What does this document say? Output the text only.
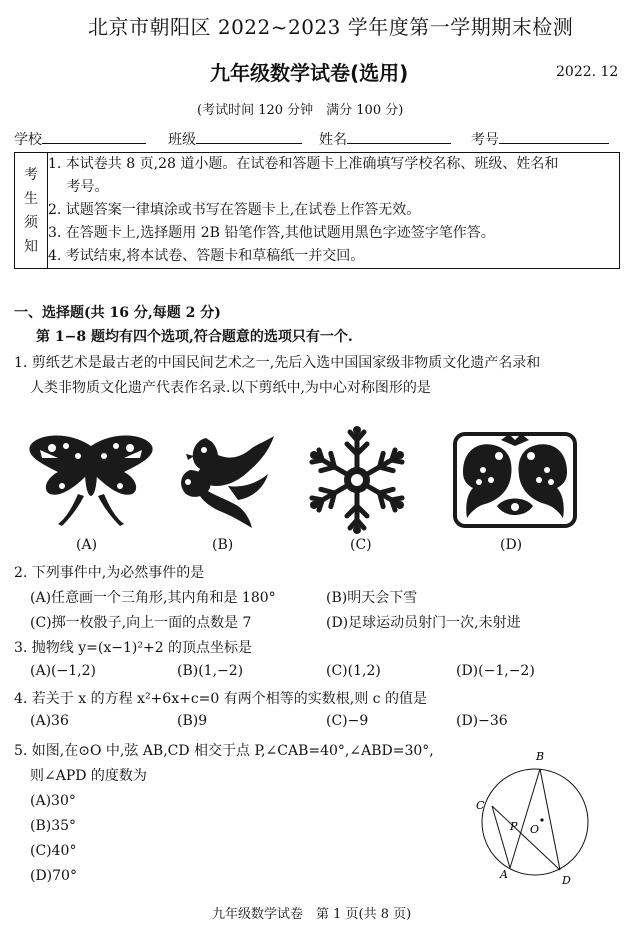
北京市朝阳区 2022~2023 学年度第一学期期末检测
九年级数学试卷(选用)	2022. 12
(考试时间 120 分钟　满分 100 分)
学校	班级	姓名	考号
考
生
须
知

1. 本试卷共 8 页,28 道小题。在试卷和答题卡上准确填写学校名称、班级、姓名和
　 考号。
2. 试题答案一律填涂或书写在答题卡上,在试卷上作答无效。
3. 在答题卡上,选择题用 2B 铅笔作答,其他试题用黑色字迹签字笔作答。
4. 考试结束,将本试卷、答题卡和草稿纸一并交回。
一、选择题(共 16 分,每题 2 分)
第 1−8 题均有四个选项,符合题意的选项只有一个.
1. 剪纸艺术是最古老的中国民间艺术之一,先后入选中国国家级非物质文化遗产名录和
人类非物质文化遗产代表作名录.以下剪纸中,为中心对称图形的是
(A)	(B)	(C)	(D)
2. 下列事件中,为必然事件的是
(A)任意画一个三角形,其内角和是 180°	(B)明天会下雪
(C)掷一枚骰子,向上一面的点数是 7	(D)足球运动员射门一次,未射进
3. 抛物线 y=(x−1)²+2 的顶点坐标是
(A)(−1,2)	(B)(1,−2)	(C)(1,2)	(D)(−1,−2)
4. 若关于 x 的方程 x²+6x+c=0 有两个相等的实数根,则 c 的值是
(A)36	(B)9	(C)−9	(D)−36
5. 如图,在⊙O 中,弦 AB,CD 相交于点 P,∠CAB=40°,∠ABD=30°,
则∠APD 的度数为
(A)30°
(B)35°
(C)40°
(D)70°
B
C
P O
A	D
九年级数学试卷　第 1 页(共 8 页)
